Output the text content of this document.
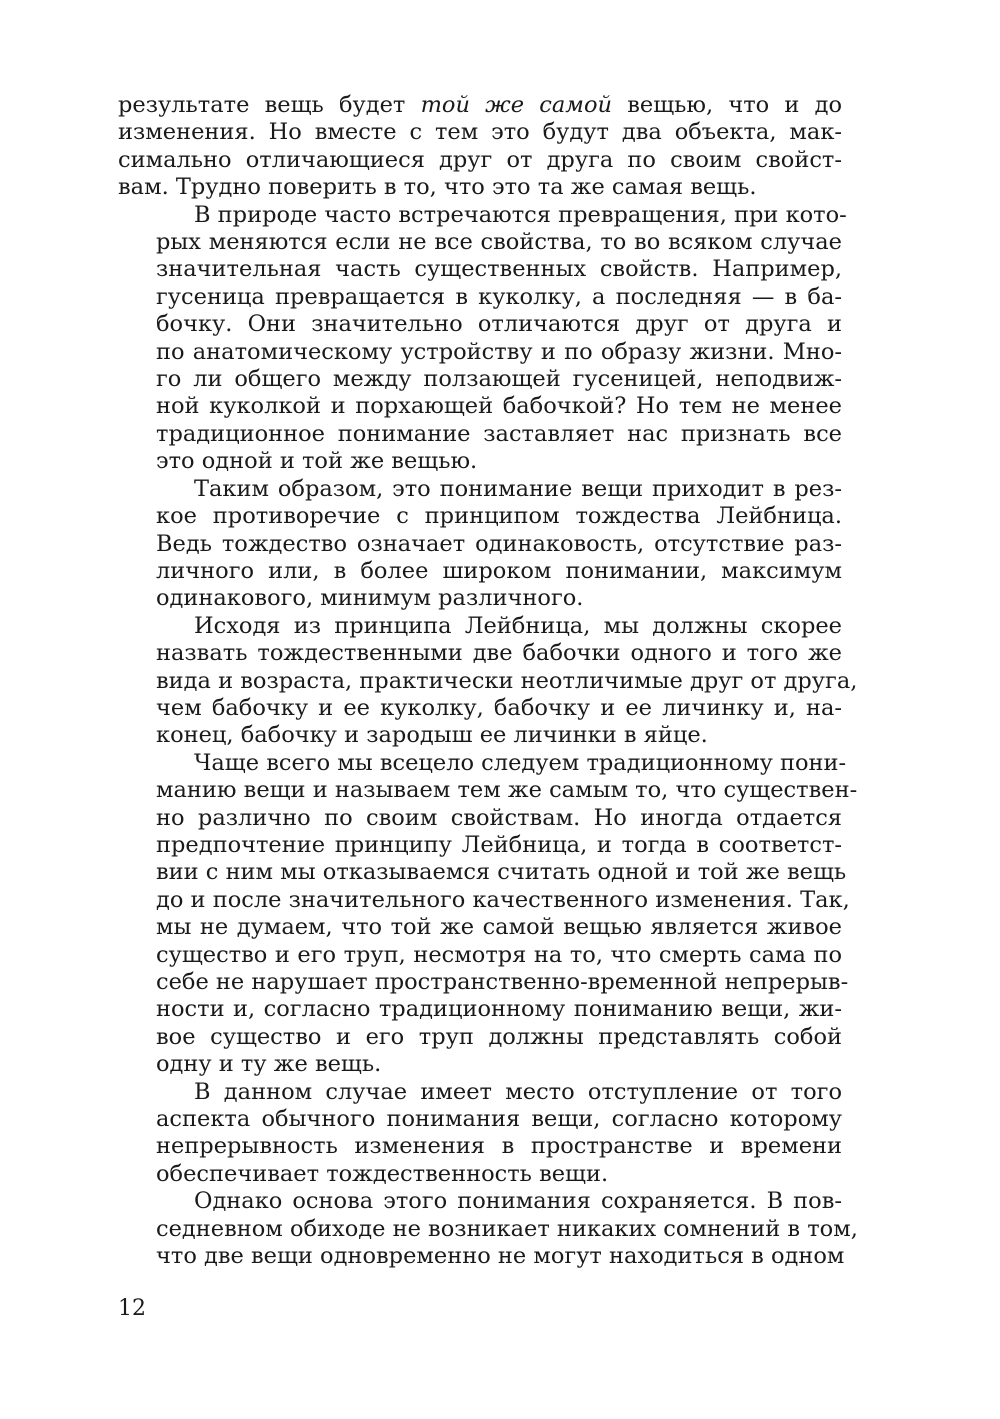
результате вещь будет той же самой вещью, что и до
изменения. Но вместе с тем это будут два объекта, мак-
симально отличающиеся друг от друга по своим свойст-
вам. Трудно поверить в то, что это та же самая вещь.

В природе часто встречаются превращения, при кото-
рых меняются если не все свойства, то во всяком случае
значительная часть существенных свойств. Например,
гусеница превращается в куколку, а последняя — в ба-
бочку. Они значительно отличаются друг от друга и
по анатомическому устройству и по образу жизни. Мно-
го ли общего между ползающей гусеницей, неподвиж-
ной куколкой и порхающей бабочкой? Но тем не менее
традиционное понимание заставляет нас признать все
это одной и той же вещью.

Таким образом, это понимание вещи приходит в рез-
кое противоречие с принципом тождества Лейбница.
Ведь тождество означает одинаковость, отсутствие раз-
личного или, в более широком понимании, максимум
одинакового, минимум различного.

Исходя из принципа Лейбница, мы должны скорее
назвать тождественными две бабочки одного и того же
вида и возраста, практически неотличимые друг от друга,
чем бабочку и ее куколку, бабочку и ее личинку и, на-
конец, бабочку и зародыш ее личинки в яйце.

Чаще всего мы всецело следуем традиционному пони-
манию вещи и называем тем же самым то, что существен-
но различно по своим свойствам. Но иногда отдается
предпочтение принципу Лейбница, и тогда в соответст-
вии с ним мы отказываемся считать одной и той же вещь
до и после значительного качественного изменения. Так,
мы не думаем, что той же самой вещью является живое
существо и его труп, несмотря на то, что смерть сама по
себе не нарушает пространственно-временной непрерыв-
ности и, согласно традиционному пониманию вещи, жи-
вое существо и его труп должны представлять собой
одну и ту же вещь.

В данном случае имеет место отступление от того
аспекта обычного понимания вещи, согласно которому
непрерывность изменения в пространстве и времени
обеспечивает тождественность вещи.

Однако основа этого понимания сохраняется. В пов-
седневном обиходе не возникает никаких сомнений в том,
что две вещи одновременно не могут находиться в одном

12
